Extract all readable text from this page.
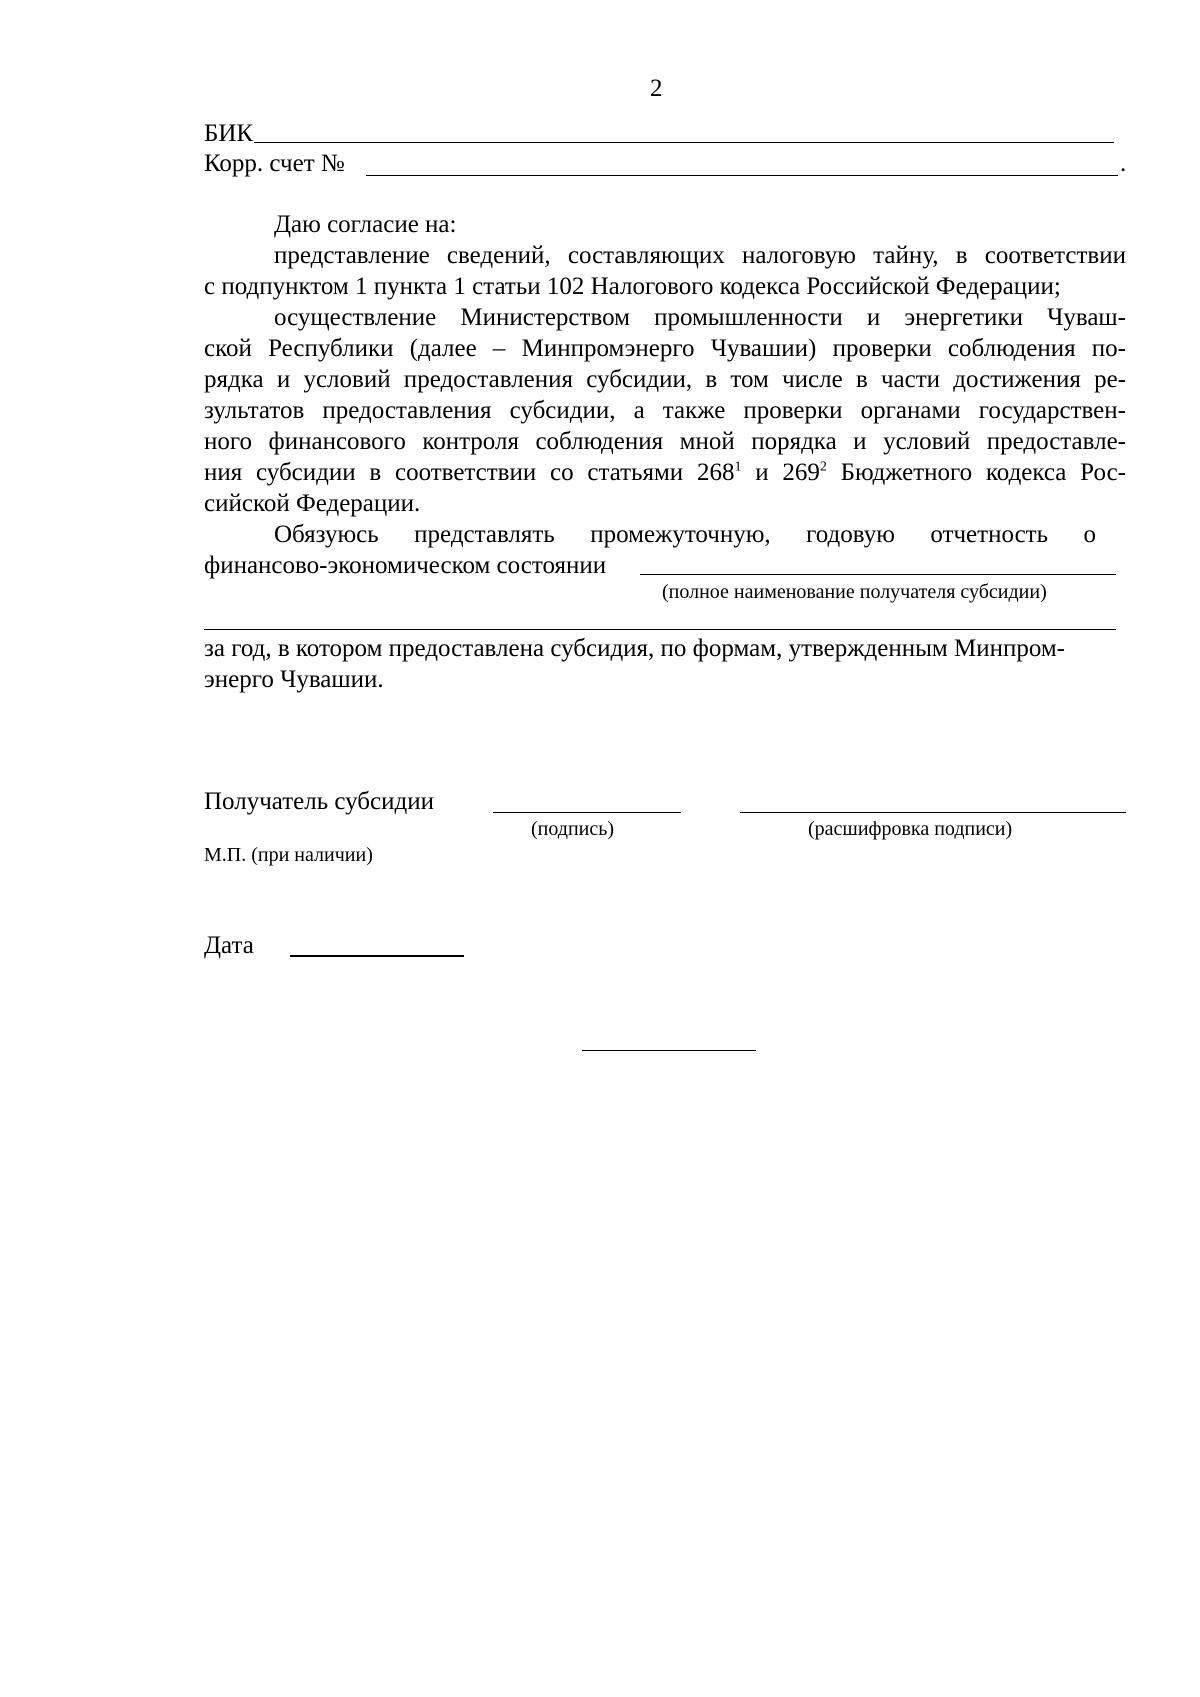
2
БИК
Корр. счет №	.
Даю согласие на:
представление сведений, составляющих налоговую тайну, в соответствии
с подпунктом 1 пункта 1 статьи 102 Налогового кодекса Российской Федерации;
осуществление Министерством промышленности и энергетики Чуваш-
ской Республики (далее – Минпромэнерго Чувашии) проверки соблюдения по-
рядка и условий предоставления субсидии, в том числе в части достижения ре-
зультатов предоставления субсидии, а также проверки органами государствен-
ного финансового контроля соблюдения мной порядка и условий предоставле-
ния субсидии в соответствии со статьями $268^1$ и $269^2$ Бюджетного кодекса Рос-
сийской Федерации.
Обязуюсь представлять промежуточную, годовую отчетность о
финансово-экономическом состоянии
(полное наименование получателя субсидии)
за год, в котором предоставлена субсидия, по формам, утвержденным Минпром-
энерго Чувашии.
Получатель субсидии
(подпись)	(расшифровка подписи)
М.П. (при наличии)
Дата
